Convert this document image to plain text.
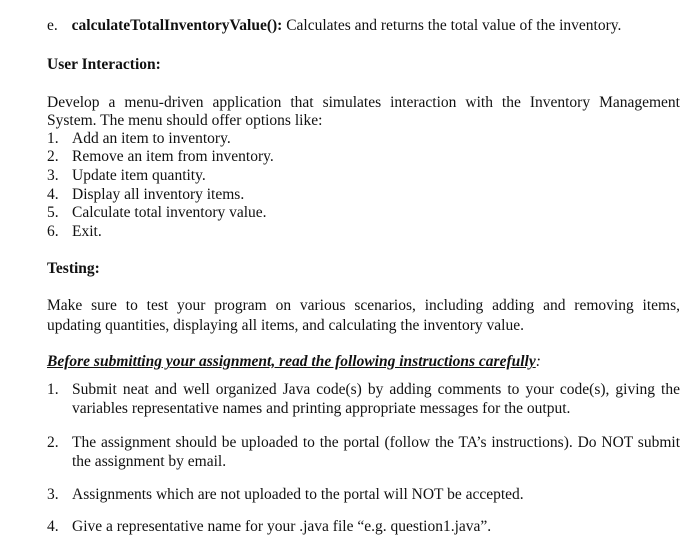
e. calculateTotalInventoryValue(): Calculates and returns the total value of the inventory.
User Interaction:
Develop a menu-driven application that simulates interaction with the Inventory Management
System. The menu should offer options like:
1. Add an item to inventory.
2. Remove an item from inventory.
3. Update item quantity.
4. Display all inventory items.
5. Calculate total inventory value.
6. Exit.
Testing:
Make sure to test your program on various scenarios, including adding and removing items,
updating quantities, displaying all items, and calculating the inventory value.
Before submitting your assignment, read the following instructions carefully:
1. Submit neat and well organized Java code(s) by adding comments to your code(s), giving the
variables representative names and printing appropriate messages for the output.
2. The assignment should be uploaded to the portal (follow the TA’s instructions). Do NOT submit
the assignment by email.
3. Assignments which are not uploaded to the portal will NOT be accepted.
4. Give a representative name for your .java file “e.g. question1.java”.
